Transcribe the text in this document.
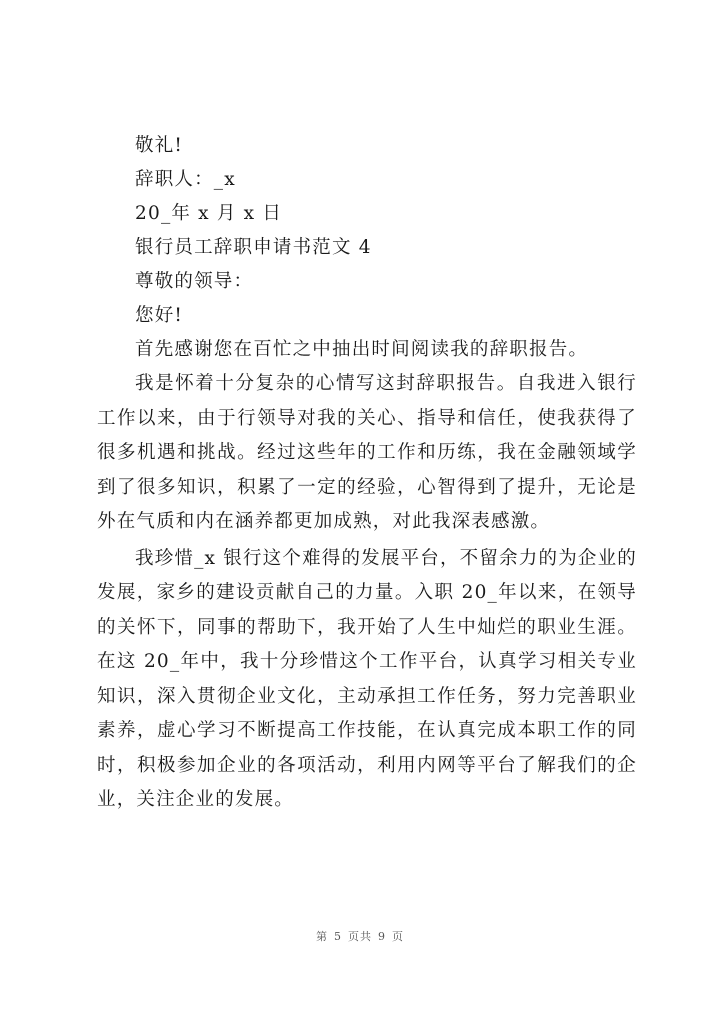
敬礼!

辞职人：_x

20_年 x 月 x 日

银行员工辞职申请书范文 4

尊敬的领导：

您好!

首先感谢您在百忙之中抽出时间阅读我的辞职报告。

我是怀着十分复杂的心情写这封辞职报告。自我进入银行工作以来，由于行领导对我的关心、指导和信任，使我获得了很多机遇和挑战。经过这些年的工作和历练，我在金融领域学到了很多知识，积累了一定的经验，心智得到了提升，无论是外在气质和内在涵养都更加成熟，对此我深表感激。

我珍惜_x 银行这个难得的发展平台，不留余力的为企业的发展，家乡的建设贡献自己的力量。入职 20_年以来，在领导的关怀下，同事的帮助下，我开始了人生中灿烂的职业生涯。在这 20_年中，我十分珍惜这个工作平台，认真学习相关专业知识，深入贯彻企业文化，主动承担工作任务，努力完善职业素养，虚心学习不断提高工作技能，在认真完成本职工作的同时，积极参加企业的各项活动，利用内网等平台了解我们的企业，关注企业的发展。

第 5 页共 9 页
